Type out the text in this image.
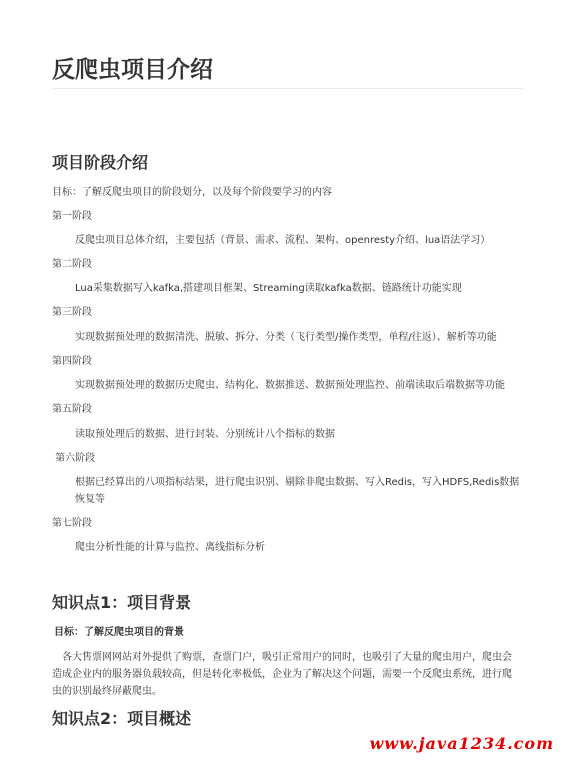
反爬虫项目介绍
项目阶段介绍
目标：了解反爬虫项目的阶段划分，以及每个阶段要学习的内容
第一阶段
反爬虫项目总体介绍，主要包括（背景、需求、流程、架构、openresty介绍、lua语法学习）
第二阶段
Lua采集数据写入kafka,搭建项目框架、Streaming读取kafka数据、链路统计功能实现
第三阶段
实现数据预处理的数据清洗、脱敏、拆分、分类（飞行类型/操作类型，单程/往返）、解析等功能
第四阶段
实现数据预处理的数据历史爬虫、结构化、数据推送、数据预处理监控、前端读取后端数据等功能
第五阶段
读取预处理后的数据、进行封装、分别统计八个指标的数据
第六阶段
根据已经算出的八项指标结果，进行爬虫识别、剔除非爬虫数据、写入Redis，写入HDFS,Redis数据恢复等
第七阶段
爬虫分析性能的计算与监控、离线指标分析
知识点1：项目背景
目标：了解反爬虫项目的背景
各大售票网网站对外提供了购票，查票门户，吸引正常用户的同时，也吸引了大量的爬虫用户，爬虫会造成企业内的服务器负载较高，但是转化率极低，企业为了解决这个问题，需要一个反爬虫系统，进行爬虫的识别最终屏蔽爬虫。
知识点2：项目概述
www.java1234.com
